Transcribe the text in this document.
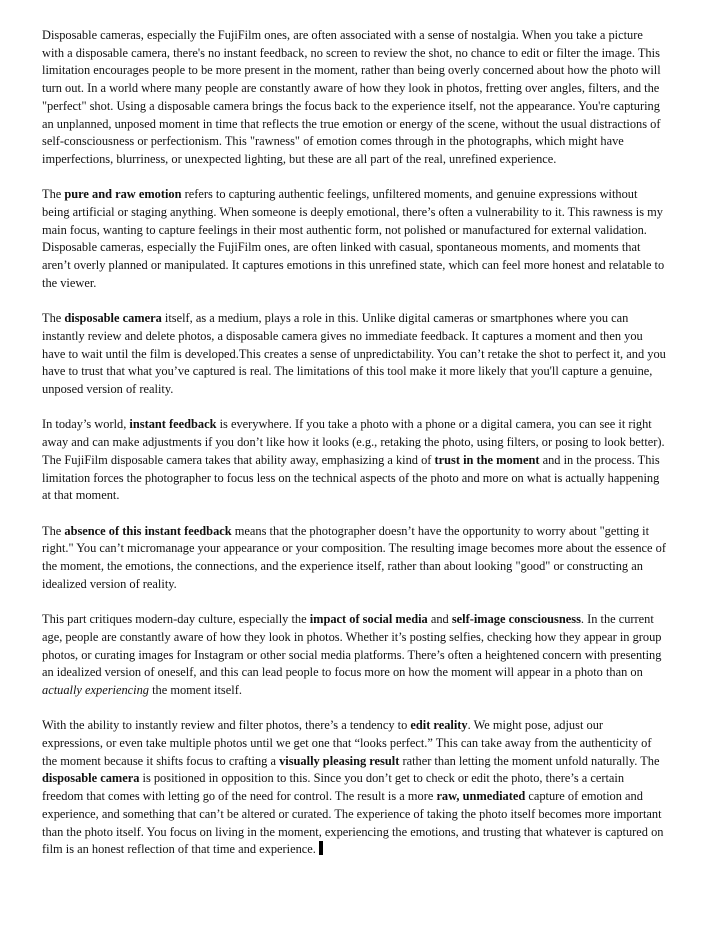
Disposable cameras, especially the FujiFilm ones, are often associated with a sense of nostalgia. When you take a picture with a disposable camera, there's no instant feedback, no screen to review the shot, no chance to edit or filter the image. This limitation encourages people to be more present in the moment, rather than being overly concerned about how the photo will turn out. In a world where many people are constantly aware of how they look in photos, fretting over angles, filters, and the "perfect" shot. Using a disposable camera brings the focus back to the experience itself, not the appearance. You're capturing an unplanned, unposed moment in time that reflects the true emotion or energy of the scene, without the usual distractions of self-consciousness or perfectionism. This "rawness" of emotion comes through in the photographs, which might have imperfections, blurriness, or unexpected lighting, but these are all part of the real, unrefined experience.

The pure and raw emotion refers to capturing authentic feelings, unfiltered moments, and genuine expressions without being artificial or staging anything. When someone is deeply emotional, there’s often a vulnerability to it. This rawness is my main focus, wanting to capture feelings in their most authentic form, not polished or manufactured for external validation. Disposable cameras, especially the FujiFilm ones, are often linked with casual, spontaneous moments, and moments that aren’t overly planned or manipulated. It captures emotions in this unrefined state, which can feel more honest and relatable to the viewer.

The disposable camera itself, as a medium, plays a role in this. Unlike digital cameras or smartphones where you can instantly review and delete photos, a disposable camera gives no immediate feedback. It captures a moment and then you have to wait until the film is developed.This creates a sense of unpredictability. You can’t retake the shot to perfect it, and you have to trust that what you’ve captured is real. The limitations of this tool make it more likely that you'll capture a genuine, unposed version of reality.

In today’s world, instant feedback is everywhere. If you take a photo with a phone or a digital camera, you can see it right away and can make adjustments if you don’t like how it looks (e.g., retaking the photo, using filters, or posing to look better). The FujiFilm disposable camera takes that ability away, emphasizing a kind of trust in the moment and in the process. This limitation forces the photographer to focus less on the technical aspects of the photo and more on what is actually happening at that moment.

The absence of this instant feedback means that the photographer doesn’t have the opportunity to worry about "getting it right." You can’t micromanage your appearance or your composition. The resulting image becomes more about the essence of the moment, the emotions, the connections, and the experience itself, rather than about looking "good" or constructing an idealized version of reality.

This part critiques modern-day culture, especially the impact of social media and self-image consciousness. In the current age, people are constantly aware of how they look in photos. Whether it’s posting selfies, checking how they appear in group photos, or curating images for Instagram or other social media platforms. There’s often a heightened concern with presenting an idealized version of oneself, and this can lead people to focus more on how the moment will appear in a photo than on actually experiencing the moment itself.

With the ability to instantly review and filter photos, there’s a tendency to edit reality. We might pose, adjust our expressions, or even take multiple photos until we get one that “looks perfect.” This can take away from the authenticity of the moment because it shifts focus to crafting a visually pleasing result rather than letting the moment unfold naturally. The disposable camera is positioned in opposition to this. Since you don’t get to check or edit the photo, there’s a certain freedom that comes with letting go of the need for control. The result is a more raw, unmediated capture of emotion and experience, and something that can’t be altered or curated. The experience of taking the photo itself becomes more important than the photo itself. You focus on living in the moment, experiencing the emotions, and trusting that whatever is captured on film is an honest reflection of that time and experience.
